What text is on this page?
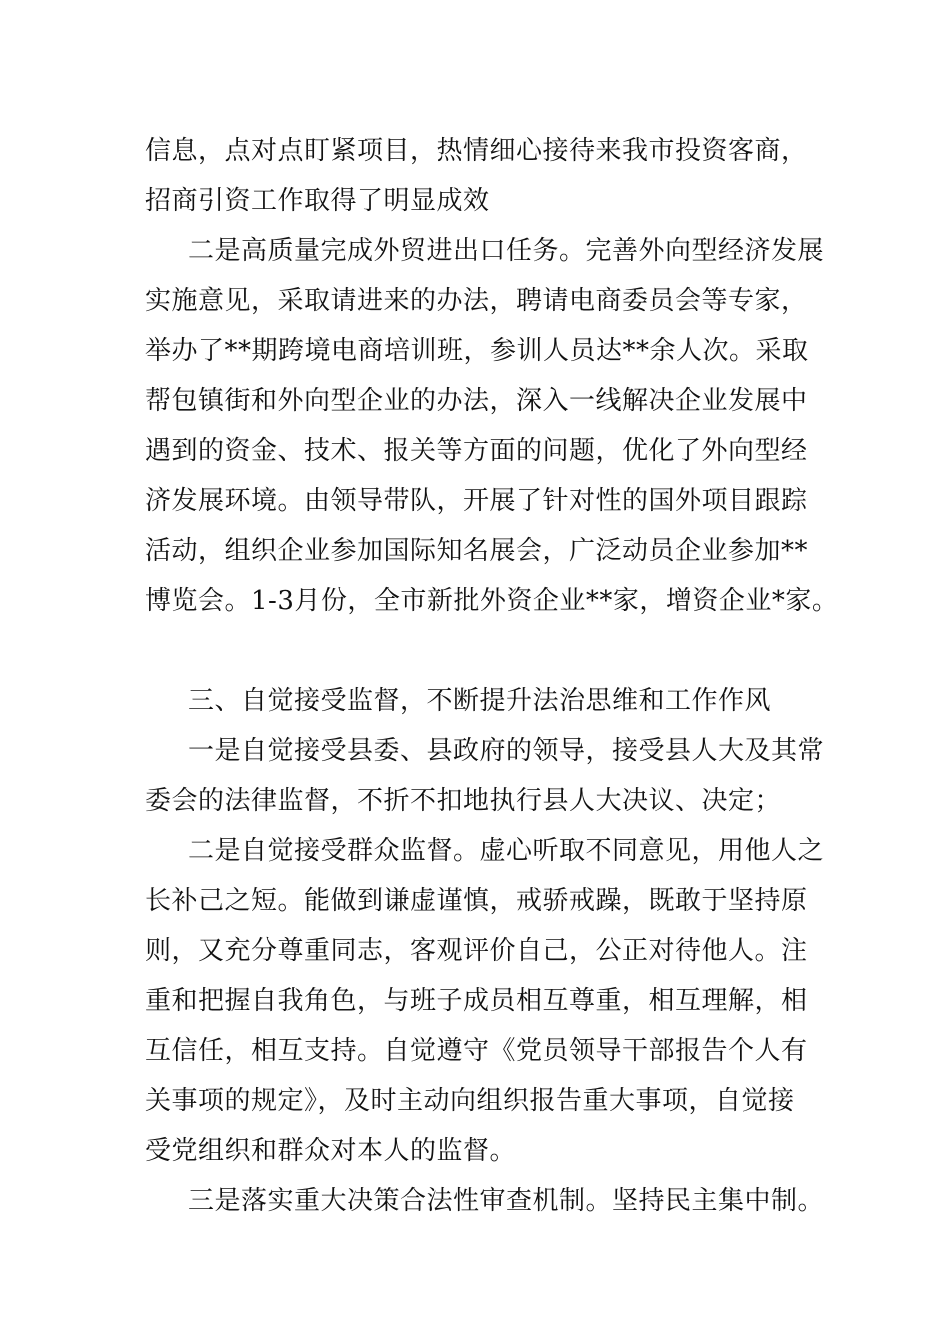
信息，点对点盯紧项目，热情细心接待来我市投资客商，
招商引资工作取得了明显成效
二是高质量完成外贸进出口任务。完善外向型经济发展
实施意见，采取请进来的办法，聘请电商委员会等专家，
举办了**期跨境电商培训班，参训人员达**余人次。采取
帮包镇街和外向型企业的办法，深入一线解决企业发展中
遇到的资金、技术、报关等方面的问题，优化了外向型经
济发展环境。由领导带队，开展了针对性的国外项目跟踪
活动，组织企业参加国际知名展会，广泛动员企业参加**
博览会。1-3月份，全市新批外资企业**家，增资企业*家。
三、自觉接受监督，不断提升法治思维和工作作风
一是自觉接受县委、县政府的领导，接受县人大及其常
委会的法律监督，不折不扣地执行县人大决议、决定；
二是自觉接受群众监督。虚心听取不同意见，用他人之
长补己之短。能做到谦虚谨慎，戒骄戒躁，既敢于坚持原
则，又充分尊重同志，客观评价自己，公正对待他人。注
重和把握自我角色，与班子成员相互尊重，相互理解，相
互信任，相互支持。自觉遵守《党员领导干部报告个人有
关事项的规定》，及时主动向组织报告重大事项，自觉接
受党组织和群众对本人的监督。
三是落实重大决策合法性审查机制。坚持民主集中制。
